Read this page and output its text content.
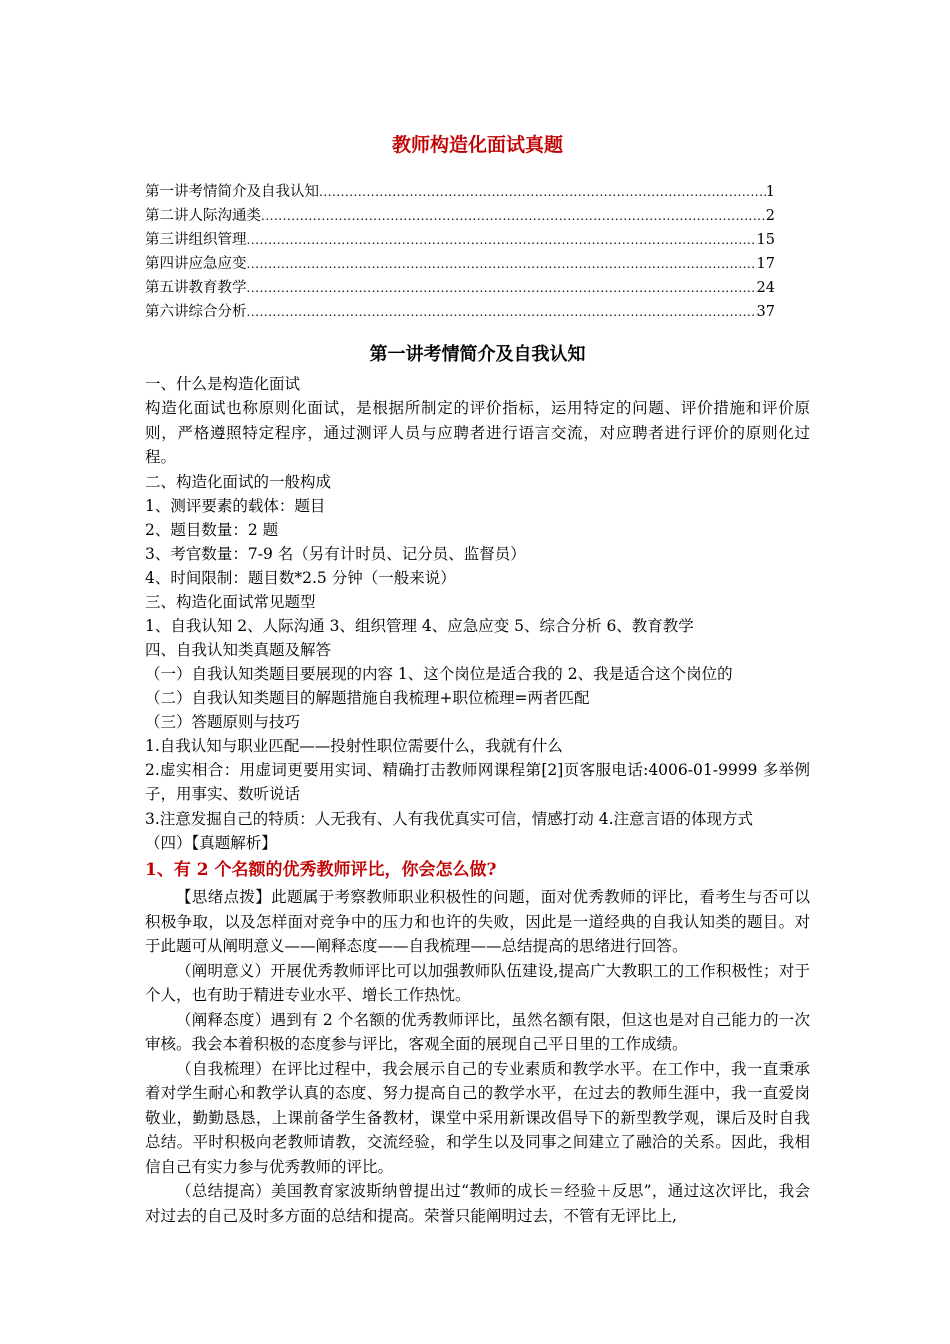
教师构造化面试真题
第一讲考情简介及自我认知 .....	1
第二讲人际沟通类 .....	2
第三讲组织管理 .....	15
第四讲应急应变 .....	17
第五讲教育教学 .....	24
第六讲综合分析 .....	37
第一讲考情简介及自我认知

一、什么是构造化面试

构造化面试也称原则化面试，是根据所制定的评价指标，运用特定的问题、评价措施和评价原则，严格遵照特定程序，通过测评人员与应聘者进行语言交流，对应聘者进行评价的原则化过程。

二、构造化面试的一般构成

1、测评要素的载体：题目

2、题目数量：2 题

3、考官数量：7-9 名（另有计时员、记分员、监督员）

4、时间限制：题目数*2.5 分钟（一般来说）

三、构造化面试常见题型

1、自我认知 2、人际沟通 3、组织管理 4、应急应变 5、综合分析 6、教育教学

四、自我认知类真题及解答

（一）自我认知类题目要展现的内容 1、这个岗位是适合我的 2、我是适合这个岗位的

（二）自我认知类题目的解题措施自我梳理+职位梳理=两者匹配

（三）答题原则与技巧

1.自我认知与职业匹配——投射性职位需要什么，我就有什么

2.虚实相合：用虚词更要用实词、精确打击教师网课程第[2]页客服电话:4006-01-9999 多举例子，用事实、数听说话

3.注意发掘自己的特质：人无我有、人有我优真实可信，情感打动 4.注意言语的体现方式

（四）【真题解析】

1、有 2 个名额的优秀教师评比，你会怎么做?

【思绪点拨】此题属于考察教师职业积极性的问题，面对优秀教师的评比，看考生与否可以积极争取，以及怎样面对竞争中的压力和也许的失败，因此是一道经典的自我认知类的题目。对于此题可从阐明意义——阐释态度——自我梳理——总结提高的思绪进行回答。

（阐明意义）开展优秀教师评比可以加强教师队伍建设,提高广大教职工的工作积极性；对于个人，也有助于精进专业水平、增长工作热忱。

（阐释态度）遇到有 2 个名额的优秀教师评比，虽然名额有限，但这也是对自己能力的一次审核。我会本着积极的态度参与评比，客观全面的展现自己平日里的工作成绩。

（自我梳理）在评比过程中，我会展示自己的专业素质和教学水平。在工作中，我一直秉承着对学生耐心和教学认真的态度、努力提高自己的教学水平，在过去的教师生涯中，我一直爱岗敬业，勤勤恳恳，上课前备学生备教材，课堂中采用新课改倡导下的新型教学观，课后及时自我总结。平时积极向老教师请教，交流经验，和学生以及同事之间建立了融洽的关系。因此，我相信自己有实力参与优秀教师的评比。

（总结提高）美国教育家波斯纳曾提出过“教师的成长＝经验＋反思”，通过这次评比，我会对过去的自己及时多方面的总结和提高。荣誉只能阐明过去，不管有无评比上,
